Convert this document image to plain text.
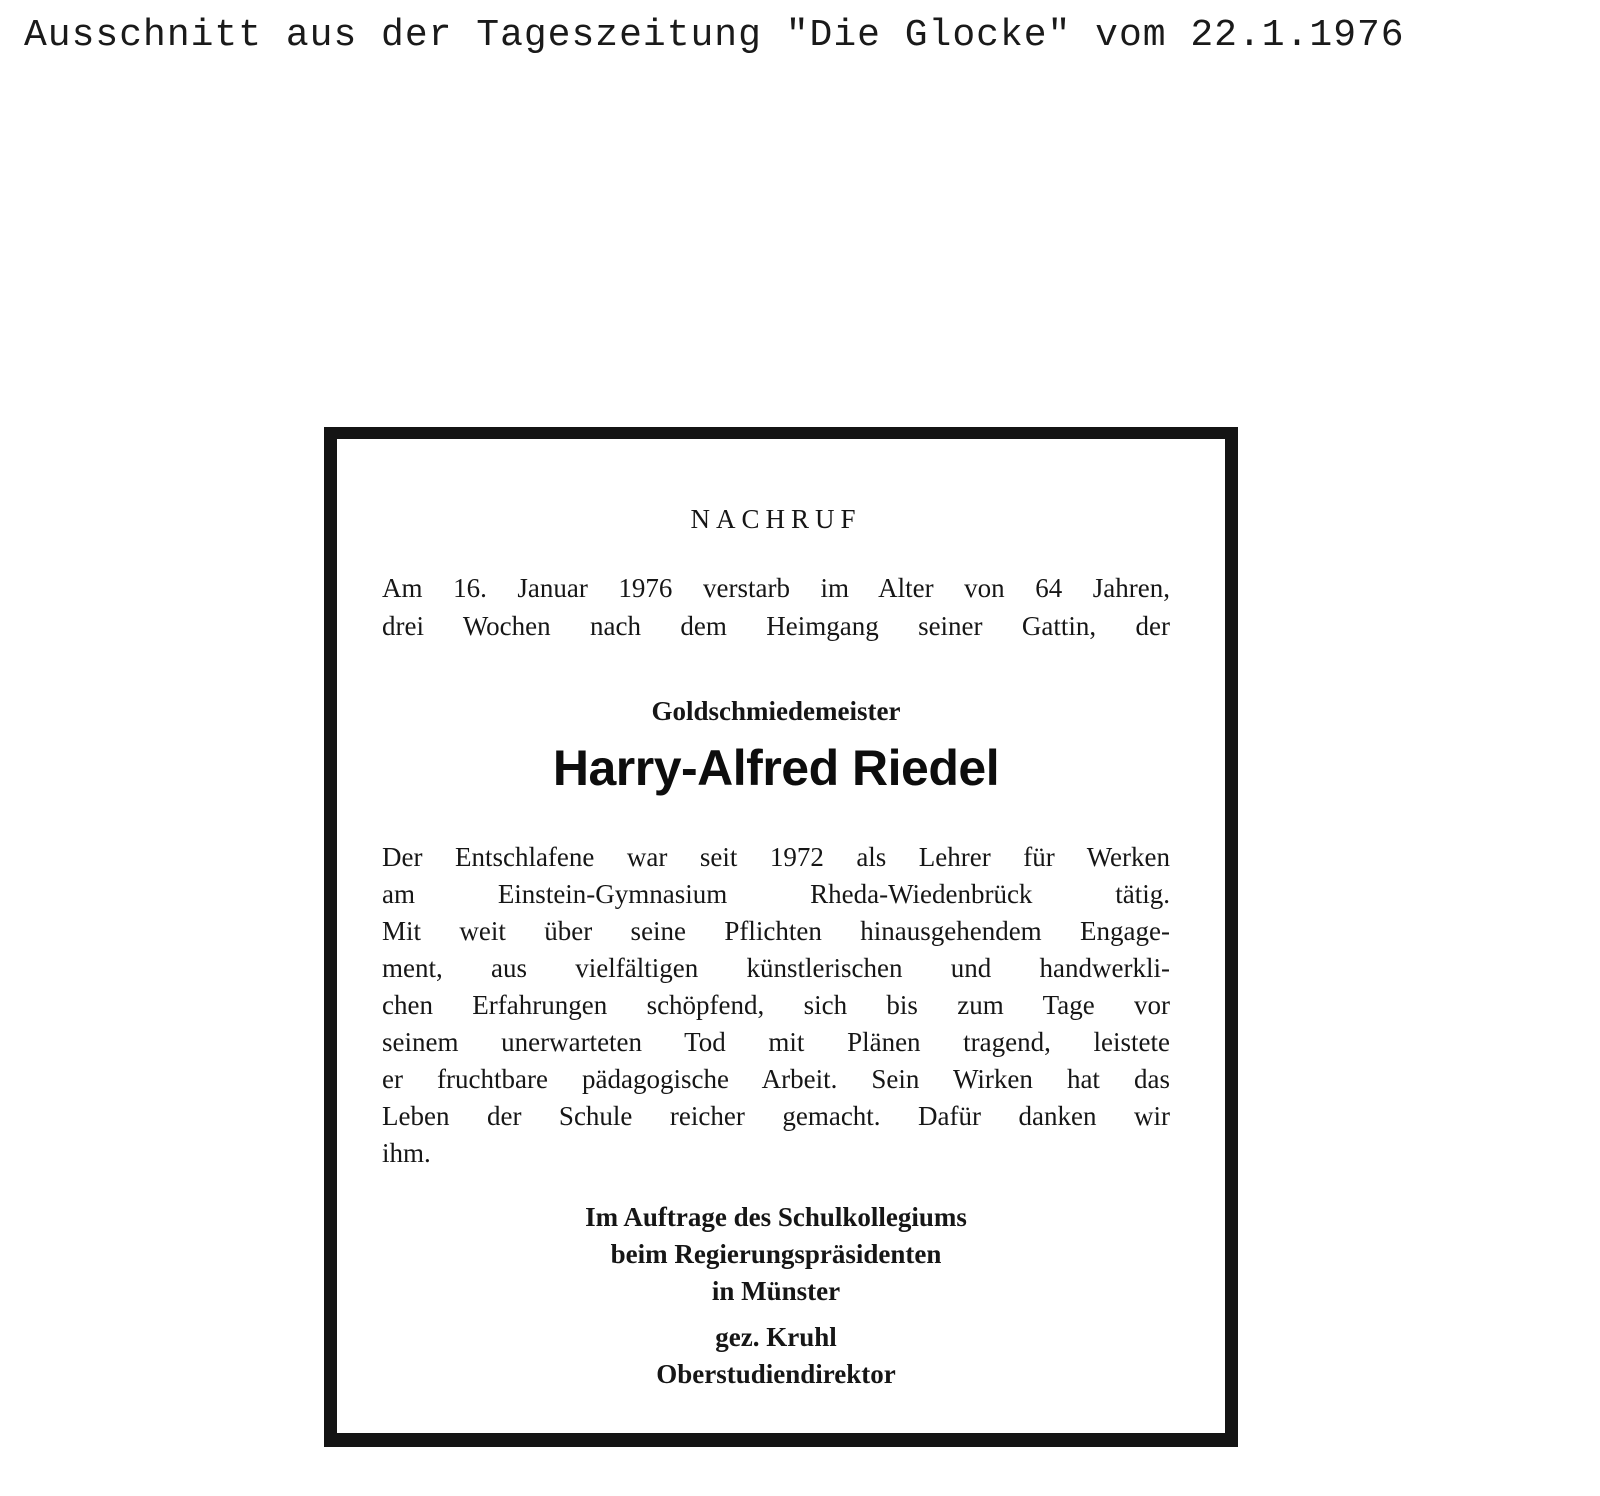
Ausschnitt aus der Tageszeitung "Die Glocke" vom 22.1.1976
NACHRUF
Am 16. Januar 1976 verstarb im Alter von 64 Jahren,
drei Wochen nach dem Heimgang seiner Gattin, der
Goldschmiedemeister
Harry-Alfred Riedel
Der Entschlafene war seit 1972 als Lehrer für Werken
am Einstein-Gymnasium Rheda-Wiedenbrück tätig.
Mit weit über seine Pflichten hinausgehendem Engage-
ment, aus vielfältigen künstlerischen und handwerkli-
chen Erfahrungen schöpfend, sich bis zum Tage vor
seinem unerwarteten Tod mit Plänen tragend, leistete
er fruchtbare pädagogische Arbeit. Sein Wirken hat das
Leben der Schule reicher gemacht. Dafür danken wir
ihm.
Im Auftrage des Schulkollegiums
beim Regierungspräsidenten
in Münster
gez. Kruhl
Oberstudiendirektor
